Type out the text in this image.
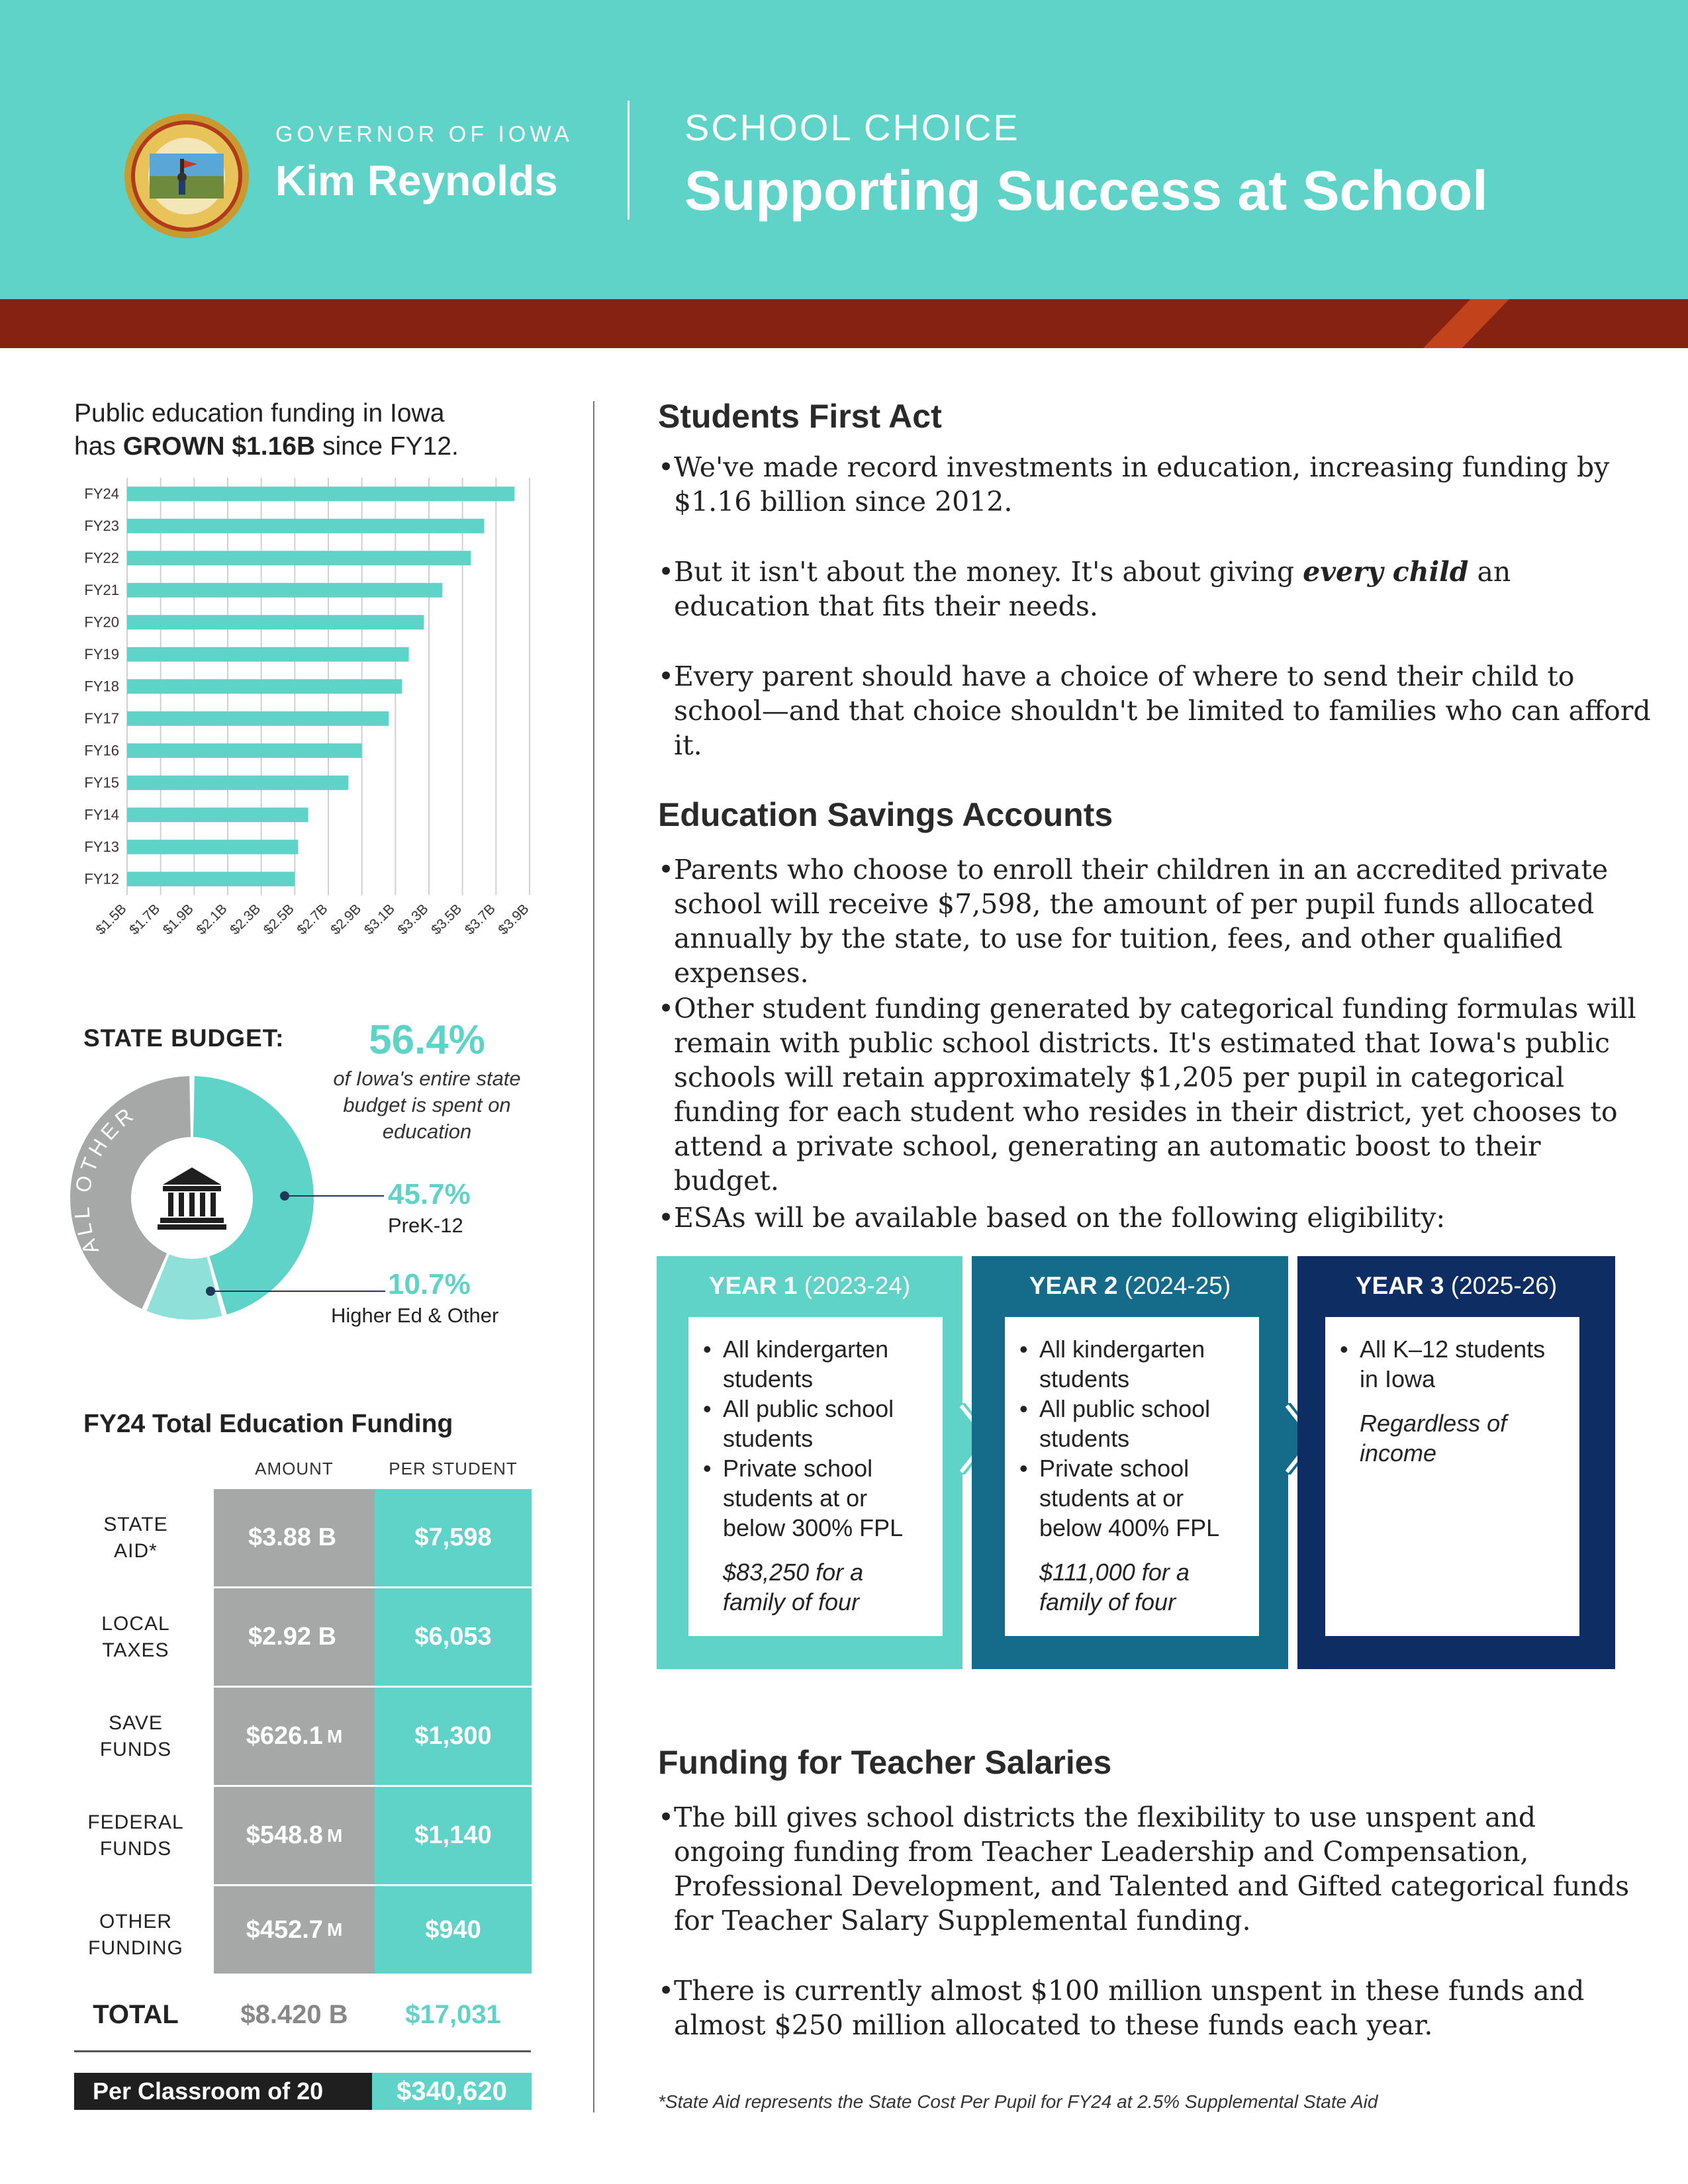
GOVERNOR OF IOWA
Kim Reynolds
SCHOOL CHOICE
Supporting Success at School
Public education funding in Iowa
has GROWN $1.16B since FY12.
$1.5B
$1.7B
$1.9B
$2.1B
$2.3B
$2.5B
$2.7B
$2.9B
$3.1B
$3.3B
$3.5B
$3.7B
$3.9B
FY24
FY23
FY22
FY21
FY20
FY19
FY18
FY17
FY16
FY15
FY14
FY13
FY12
STATE BUDGET:	56.4%
of Iowa's entire state budget is spent on education
ALL OTHER
45.7%
PreK-12
10.7%
Higher Ed & Other
FY24 Total Education Funding
AMOUNT	PER STUDENT
STATE
AID*	$3.88 B	$7,598
LOCAL
TAXES	$2.92 B	$6,053
SAVE
FUNDS	$626.1 M	$1,300
FEDERAL
FUNDS	$548.8 M	$1,140
OTHER
FUNDING
$452.7 M	$940
TOTAL	$8.420 B	$17,031
Per Classroom of 20	$340,620
Students First Act
• We've made record investments in education, increasing funding by $1.16 billion since 2012.
• But it isn't about the money. It's about giving every child an education that fits their needs.
• Every parent should have a choice of where to send their child to school—and that choice shouldn't be limited to families who can afford it.
Education Savings Accounts
• Parents who choose to enroll their children in an accredited private school will receive $7,598, the amount of per pupil funds allocated annually by the state, to use for tuition, fees, and other qualified expenses.
• Other student funding generated by categorical funding formulas will remain with public school districts. It's estimated that Iowa's public schools will retain approximately $1,205 per pupil in categorical funding for each student who resides in their district, yet chooses to attend a private school, generating an automatic boost to their budget.
• ESAs will be available based on the following eligibility:
YEAR 1 (2023-24)
• All kindergarten students
• All public school students
• Private school students at or below 300% FPL
$83,250 for a family of four
YEAR 2 (2024-25)
• All kindergarten students
• All public school students
• Private school students at or below 400% FPL
$111,000 for a family of four
YEAR 3 (2025-26)
• All K–12 students in Iowa
Regardless of income
Funding for Teacher Salaries
• The bill gives school districts the flexibility to use unspent and ongoing funding from Teacher Leadership and Compensation, Professional Development, and Talented and Gifted categorical funds for Teacher Salary Supplemental funding.
• There is currently almost $100 million unspent in these funds and almost $250 million allocated to these funds each year.
*State Aid represents the State Cost Per Pupil for FY24 at 2.5% Supplemental State Aid
